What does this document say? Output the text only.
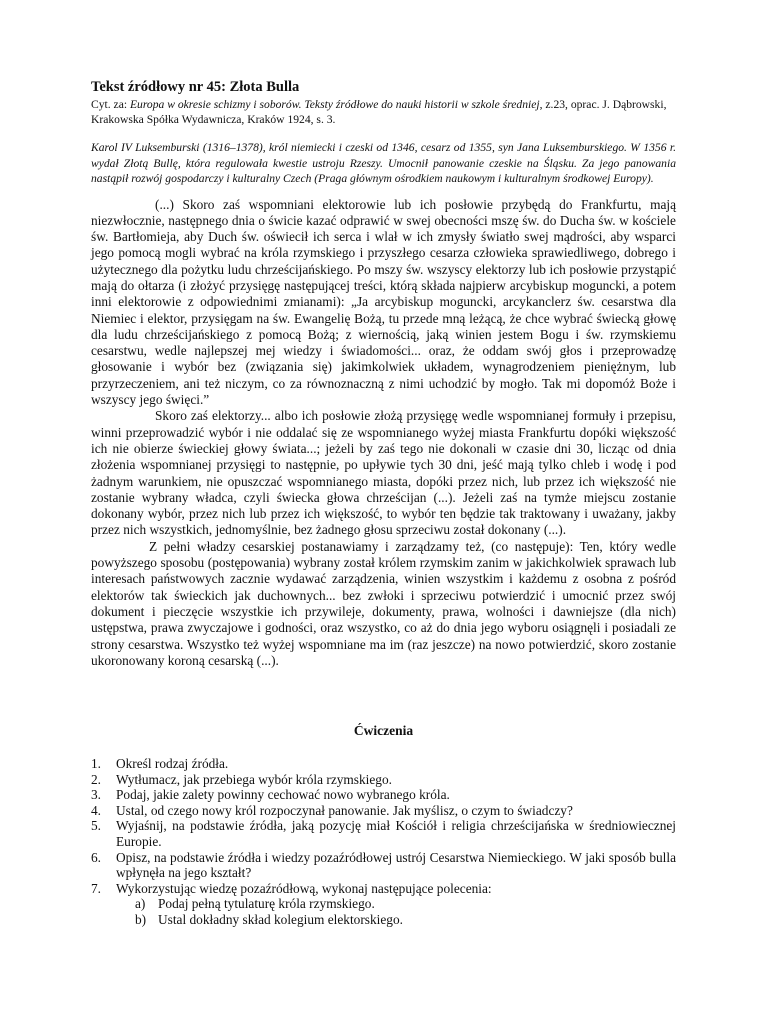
Tekst źródłowy nr 45: Złota Bulla

Cyt. za: Europa w okresie schizmy i soborów. Teksty źródłowe do nauki historii w szkole średniej, z.23, oprac. J. Dąbrowski, Krakowska Spółka Wydawnicza, Kraków 1924, s. 3.

Karol IV Luksemburski (1316–1378), król niemiecki i czeski od 1346, cesarz od 1355, syn Jana Luksemburskiego. W 1356 r. wydał Złotą Bullę, która regulowała kwestie ustroju Rzeszy. Umocnił panowanie czeskie na Śląsku. Za jego panowania nastąpił rozwój gospodarczy i kulturalny Czech (Praga głównym ośrodkiem naukowym i kulturalnym środkowej Europy).

(...) Skoro zaś wspomniani elektorowie lub ich posłowie przybędą do Frankfurtu, mają niezwłocznie, następnego dnia o świcie kazać odprawić w swej obecności mszę św. do Ducha św. w kościele św. Bartłomieja, aby Duch św. oświecił ich serca i wlał w ich zmysły światło swej mądrości, aby wsparci jego pomocą mogli wybrać na króla rzymskiego i przyszłego cesarza człowieka sprawiedliwego, dobrego i użytecznego dla pożytku ludu chrześcijańskiego. Po mszy św. wszyscy elektorzy lub ich posłowie przystąpić mają do ołtarza (i złożyć przysięgę następującej treści, którą składa najpierw arcybiskup moguncki, a potem inni elektorowie z odpowiednimi zmianami): „Ja arcybiskup moguncki, arcykanclerz św. cesarstwa dla Niemiec i elektor, przysięgam na św. Ewangelię Bożą, tu przede mną leżącą, że chce wybrać świecką głowę dla ludu chrześcijańskiego z pomocą Bożą; z wiernością, jaką winien jestem Bogu i św. rzymskiemu cesarstwu, wedle najlepszej mej wiedzy i świadomości... oraz, że oddam swój głos i przeprowadzę głosowanie i wybór bez (związania się) jakimkolwiek układem, wynagrodzeniem pieniężnym, lub przyrzeczeniem, ani też niczym, co za równoznaczną z nimi uchodzić by mogło. Tak mi dopomóż Boże i wszyscy jego święci.”

Skoro zaś elektorzy... albo ich posłowie złożą przysięgę wedle wspomnianej formuły i przepisu, winni przeprowadzić wybór i nie oddalać się ze wspomnianego wyżej miasta Frankfurtu dopóki większość ich nie obierze świeckiej głowy świata...; jeżeli by zaś tego nie dokonali w czasie dni 30, licząc od dnia złożenia wspomnianej przysięgi to następnie, po upływie tych 30 dni, jeść mają tylko chleb i wodę i pod żadnym warunkiem, nie opuszczać wspomnianego miasta, dopóki przez nich, lub przez ich większość nie zostanie wybrany władca, czyli świecka głowa chrześcijan (...). Jeżeli zaś na tymże miejscu zostanie dokonany wybór, przez nich lub przez ich większość, to wybór ten będzie tak traktowany i uważany, jakby przez nich wszystkich, jednomyślnie, bez żadnego głosu sprzeciwu został dokonany (...).

Z pełni władzy cesarskiej postanawiamy i zarządzamy też, (co następuje): Ten, który wedle powyższego sposobu (postępowania) wybrany został królem rzymskim zanim w jakichkolwiek sprawach lub interesach państwowych zacznie wydawać zarządzenia, winien wszystkim i każdemu z osobna z pośród elektorów tak świeckich jak duchownych... bez zwłoki i sprzeciwu potwierdzić i umocnić przez swój dokument i pieczęcie wszystkie ich przywileje, dokumenty, prawa, wolności i dawniejsze (dla nich) ustępstwa, prawa zwyczajowe i godności, oraz wszystko, co aż do dnia jego wyboru osiągnęli i posiadali ze strony cesarstwa. Wszystko też wyżej wspomniane ma im (raz jeszcze) na nowo potwierdzić, skoro zostanie ukoronowany koroną cesarską (...).

Ćwiczenia
1.	Określ rodzaj źródła.
2.	Wytłumacz, jak przebiega wybór króla rzymskiego.
3.	Podaj, jakie zalety powinny cechować nowo wybranego króla.
4.	Ustal, od czego nowy król rozpoczynał panowanie. Jak myślisz, o czym to świadczy?
5.	Wyjaśnij, na podstawie źródła, jaką pozycję miał Kościół i religia chrześcijańska w średniowiecznej Europie.
6.	Opisz, na podstawie źródła i wiedzy pozaźródłowej ustrój Cesarstwa Niemieckiego. W jaki sposób bulla wpłynęła na jego kształt?
7.	Wykorzystując wiedzę pozaźródłową, wykonaj następujące polecenia:
a) Podaj pełną tytulaturę króla rzymskiego.
b) Ustal dokładny skład kolegium elektorskiego.
